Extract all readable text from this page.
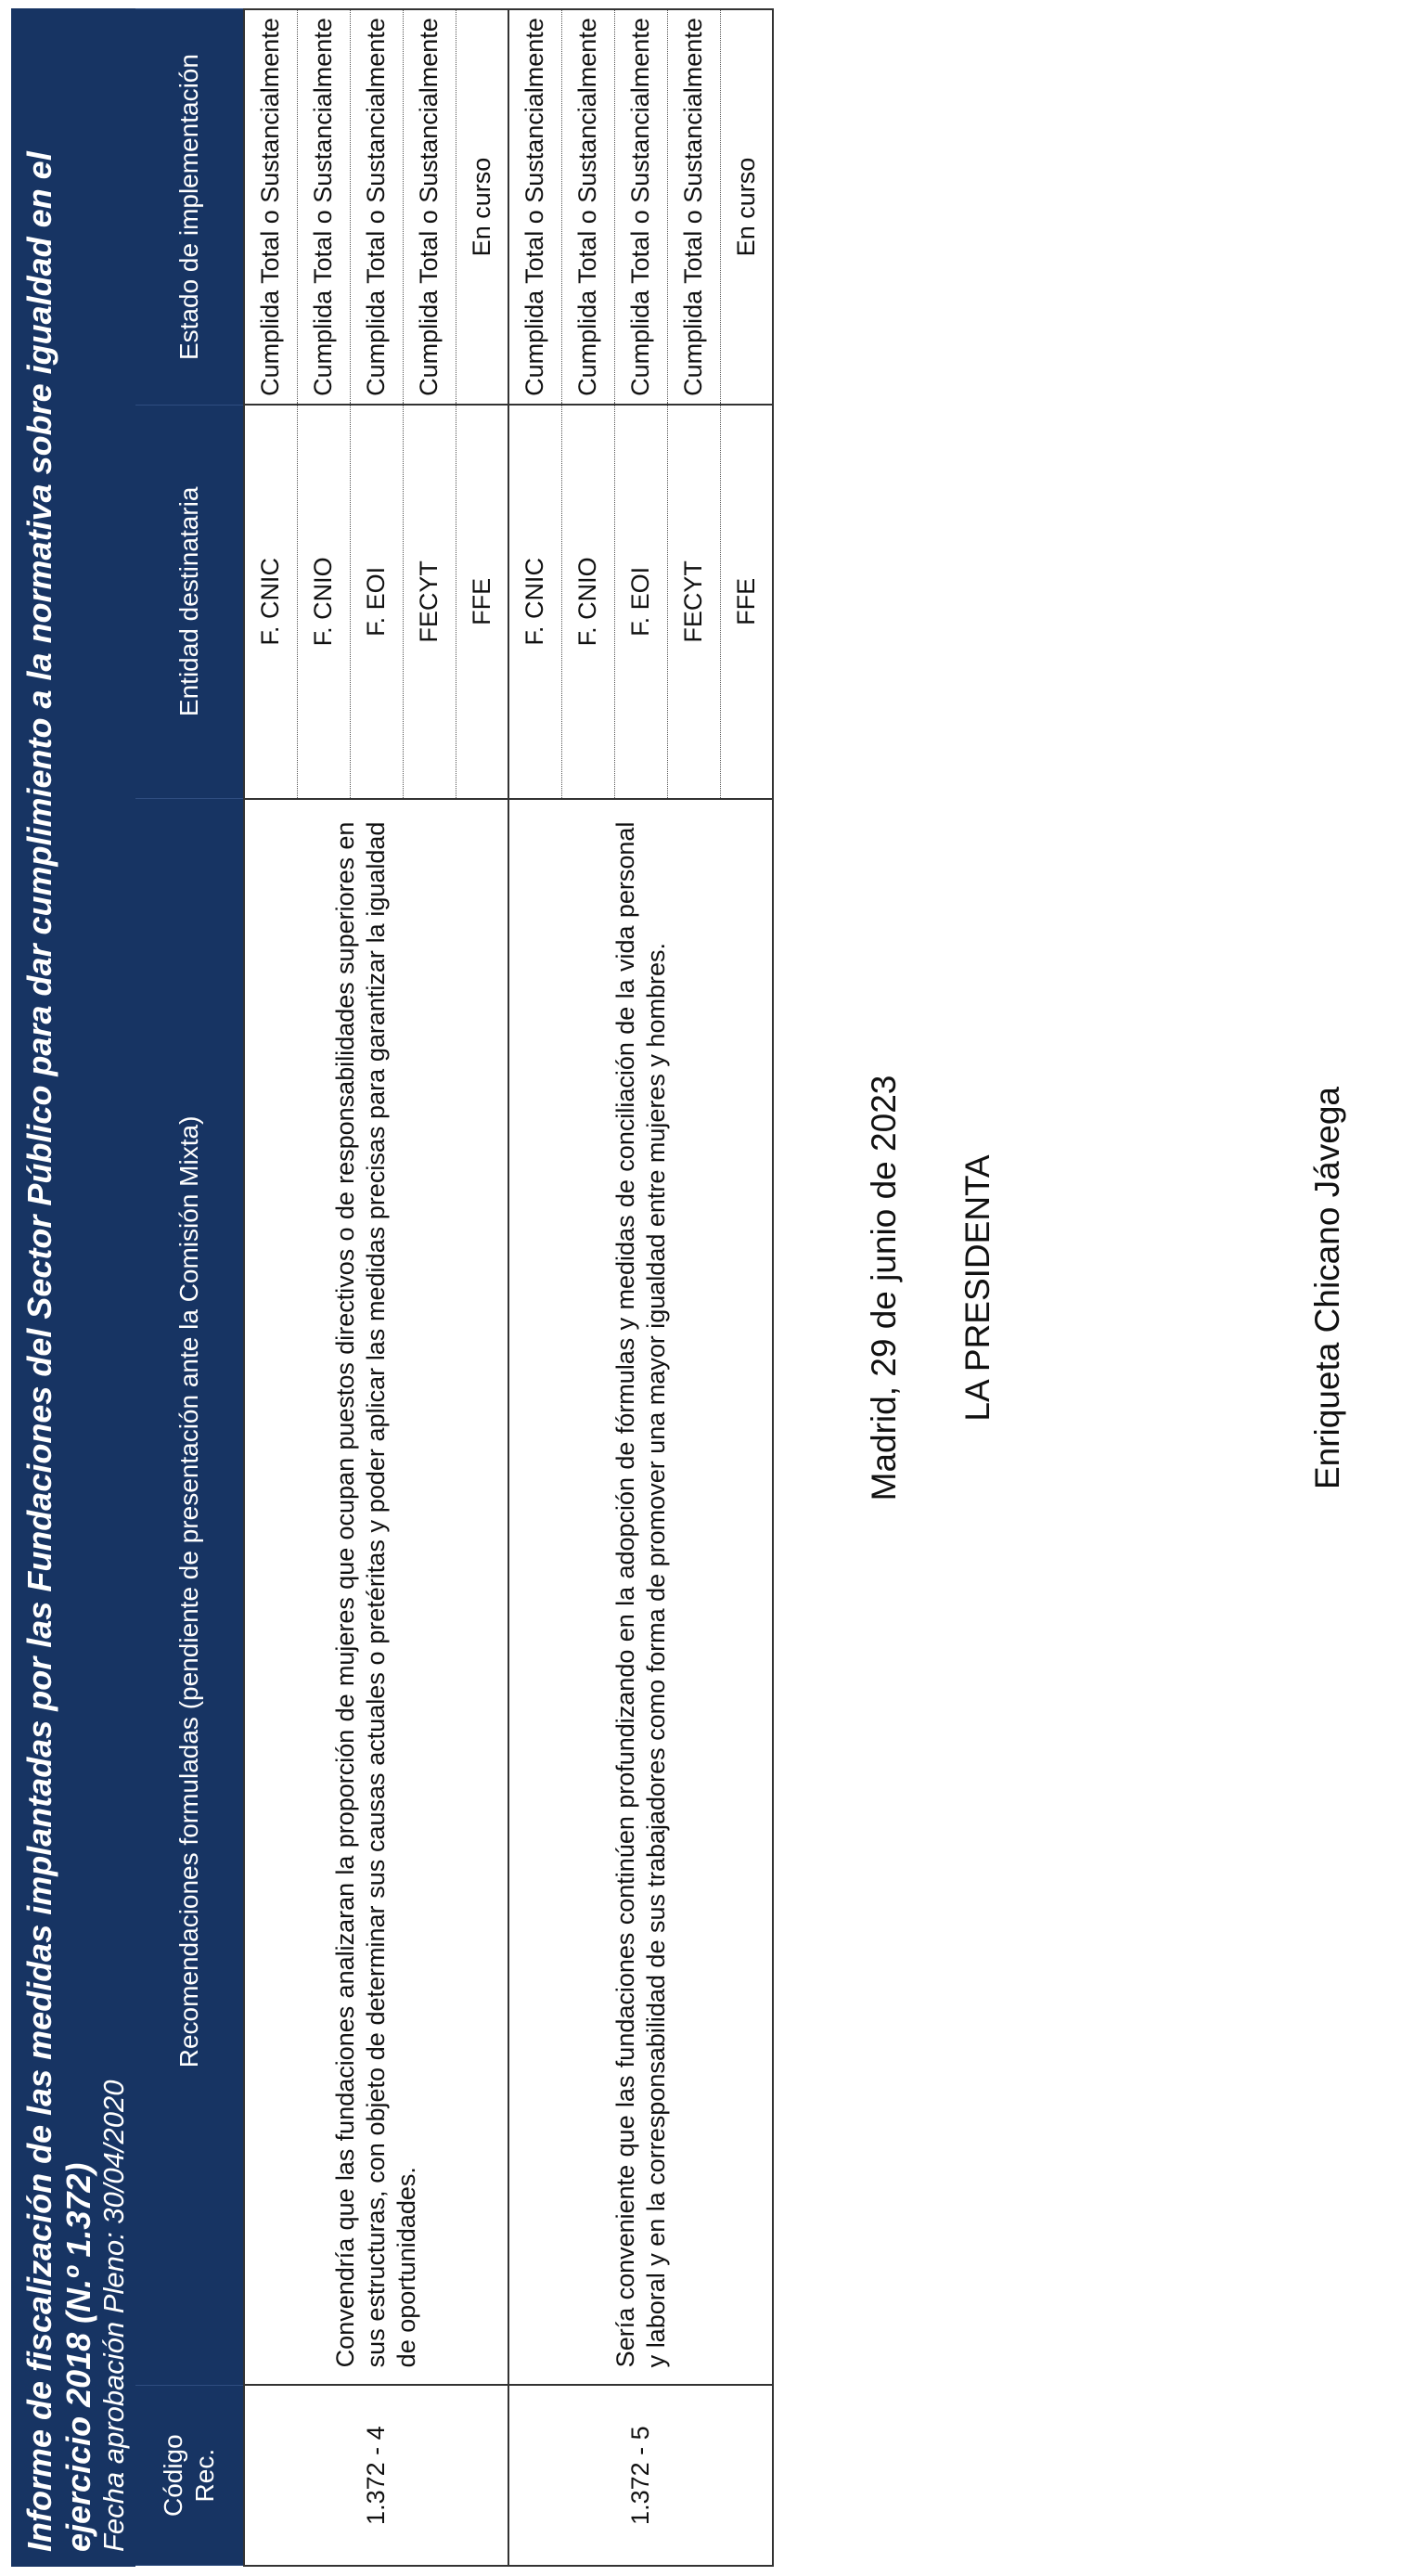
Informe de fiscalización de las medidas implantadas por las Fundaciones del Sector Público para dar cumplimiento a la normativa sobre igualdad en el ejercicio 2018 (N.º 1.372) Fecha aprobación Pleno: 30/04/2020			

Código Rec.	Recomendaciones formuladas (pendiente de presentación ante la Comisión Mixta)	Entidad destinataria	Estado de implementación
1.372 - 4	Convendría que las fundaciones analizaran la proporción de mujeres que ocupan puestos directivos o de responsabilidades superiores en sus estructuras, con objeto de determinar sus causas actuales o pretéritas y poder aplicar las medidas precisas para garantizar la igualdad de oportunidades.	F. CNIC	Cumplida Total o Sustancialmente
		F. CNIO	Cumplida Total o Sustancialmente
		F. EOI	Cumplida Total o Sustancialmente
		FECYT	Cumplida Total o Sustancialmente
		FFE	En curso
1.372 - 5	Sería conveniente que las fundaciones continúen profundizando en la adopción de fórmulas y medidas de conciliación de la vida personal y laboral y en la corresponsabilidad de sus trabajadores como forma de promover una mayor igualdad entre mujeres y hombres.	F. CNIC	Cumplida Total o Sustancialmente
		F. CNIO	Cumplida Total o Sustancialmente
		F. EOI	Cumplida Total o Sustancialmente
		FECYT	Cumplida Total o Sustancialmente
		FFE	En curso
Madrid, 29 de junio de 2023 LA PRESIDENTA	Enriqueta Chicano Jávega
